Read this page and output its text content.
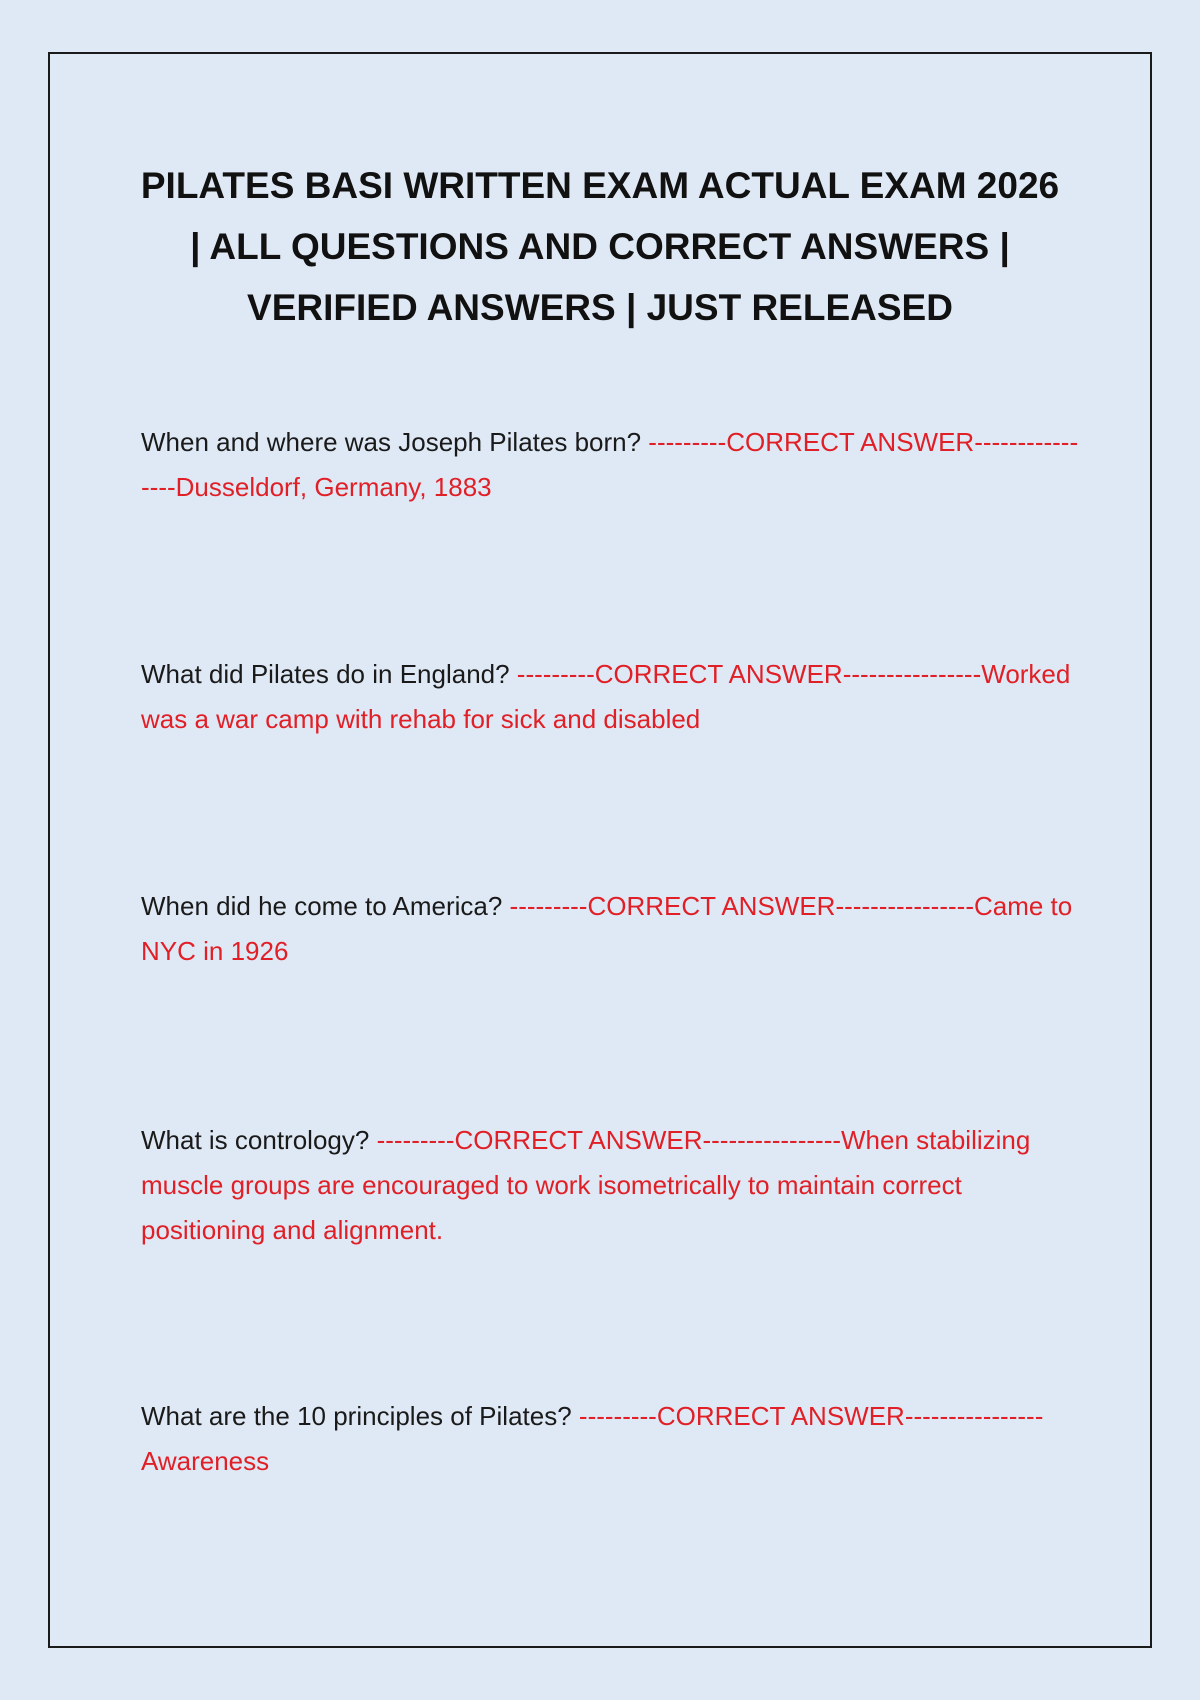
PILATES BASI WRITTEN EXAM ACTUAL EXAM 2026
| ALL QUESTIONS AND CORRECT ANSWERS |
VERIFIED ANSWERS | JUST RELEASED

When and where was Joseph Pilates born? ---------CORRECT ANSWER----------------Dusseldorf, Germany, 1883

What did Pilates do in England? ---------CORRECT ANSWER----------------Worked was a war camp with rehab for sick and disabled

When did he come to America? ---------CORRECT ANSWER----------------Came to NYC in 1926

What is contrology? ---------CORRECT ANSWER----------------When stabilizing muscle groups are encouraged to work isometrically to maintain correct positioning and alignment.

What are the 10 principles of Pilates? ---------CORRECT ANSWER----------------Awareness
